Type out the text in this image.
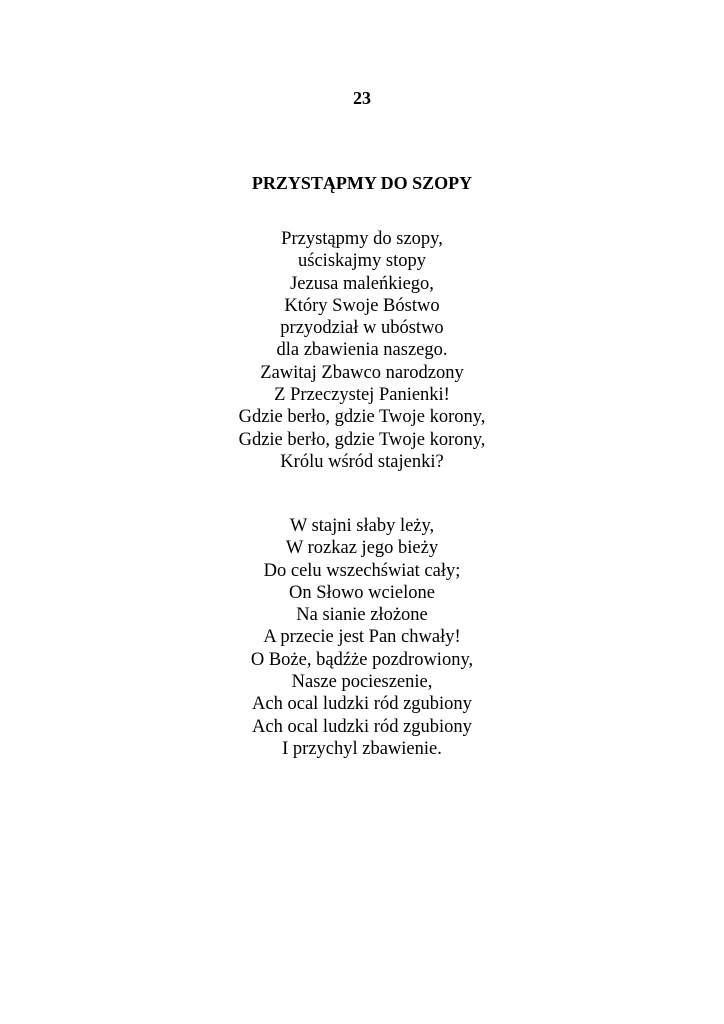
23
PRZYSTĄPMY DO SZOPY
Przystąpmy do szopy,
uściskajmy stopy
Jezusa maleńkiego,
Który Swoje Bóstwo
przyodział w ubóstwo
dla zbawienia naszego.
Zawitaj Zbawco narodzony
Z Przeczystej Panienki!
Gdzie berło, gdzie Twoje korony,
Gdzie berło, gdzie Twoje korony,
Królu wśród stajenki?
W stajni słaby leży,
W rozkaz jego bieży
Do celu wszechświat cały;
On Słowo wcielone
Na sianie złożone
A przecie jest Pan chwały!
O Boże, bądźże pozdrowiony,
Nasze pocieszenie,
Ach ocal ludzki ród zgubiony
Ach ocal ludzki ród zgubiony
I przychyl zbawienie.
